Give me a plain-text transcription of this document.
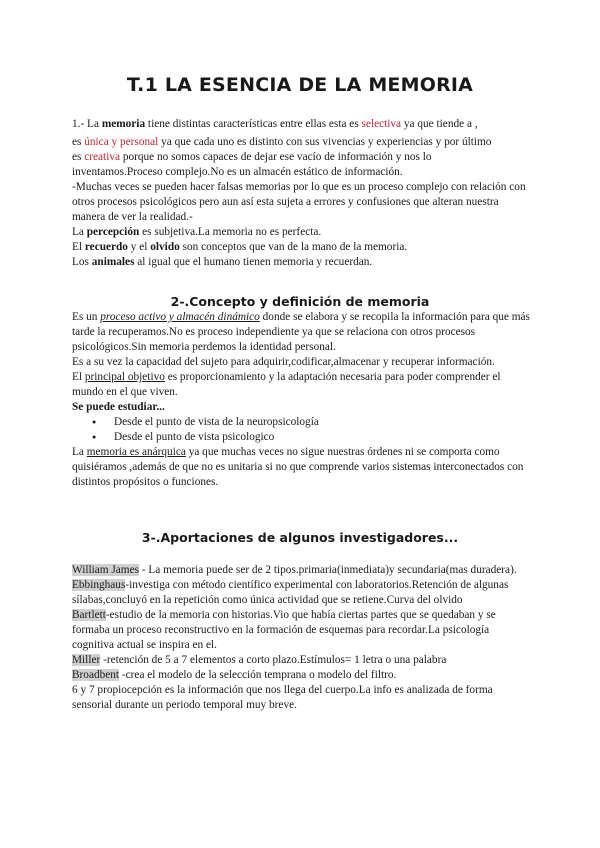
T.1 LA ESENCIA DE LA MEMORIA

1.- La memoria tiene distintas características entre ellas esta es selectiva ya que tiende a ,

es única y personal ya que cada uno es distinto con sus vivencias y experiencias y por último
es creativa porque no somos capaces de dejar ese vacío de información y nos lo
inventamos.Proceso complejo.No es un almacén estático de información.

-Muchas veces se pueden hacer falsas memorias por lo que es un proceso complejo con relación con otros procesos psicológicos pero aun así esta sujeta a errores y confusiones que alteran nuestra manera de ver la realidad.-

La percepción es subjetiva.La memoria no es perfecta.

El recuerdo y el olvido son conceptos que van de la mano de la memoria.

Los animales al igual que el humano tienen memoria y recuerdan.

2-.Concepto y definición de memoria

Es un proceso activo y almacén dinámico donde se elabora y se recopila la información para que más tarde la recuperamos.No es proceso independiente ya que se relaciona con otros procesos psicológicos.Sin memoria perdemos la identidad personal.

Es a su vez la capacidad del sujeto para adquirir,codificar,almacenar y recuperar información.

El principal objetivo es proporcionamiento y la adaptación necesaria para poder comprender el mundo en el que viven.

Se puede estudiar...

● Desde el punto de vista de la neuropsicología
● Desde el punto de vista psicologico

La memoria es anárquica ya que muchas veces no sigue nuestras órdenes ni se comporta como quisiéramos ,además de que no es unitaria si no que comprende varios sistemas interconectados con distintos propósitos o funciones.

3-.Aportaciones de algunos investigadores...

William James - La memoria puede ser de 2 tipos.primaria(inmediata)y secundaria(mas duradera).

Ebbinghaus-investiga con método científico experimental con laboratorios.Retención de algunas sílabas,concluyó en la repetición como única actividad que se retiene.Curva del olvido

Bartlett-estudio de la memoria con historias.Vio que había ciertas partes que se quedaban y se formaba un proceso reconstructivo en la formación de esquemas para recordar.La psicología cognitiva actual se inspira en el.

Miller -retención de 5 a 7 elementos a corto plazo.Estímulos= 1 letra o una palabra

Broadbent -crea el modelo de la selección temprana o modelo del filtro.

6 y 7 propiocepción es la información que nos llega del cuerpo.La info es analizada de forma sensorial durante un periodo temporal muy breve.
